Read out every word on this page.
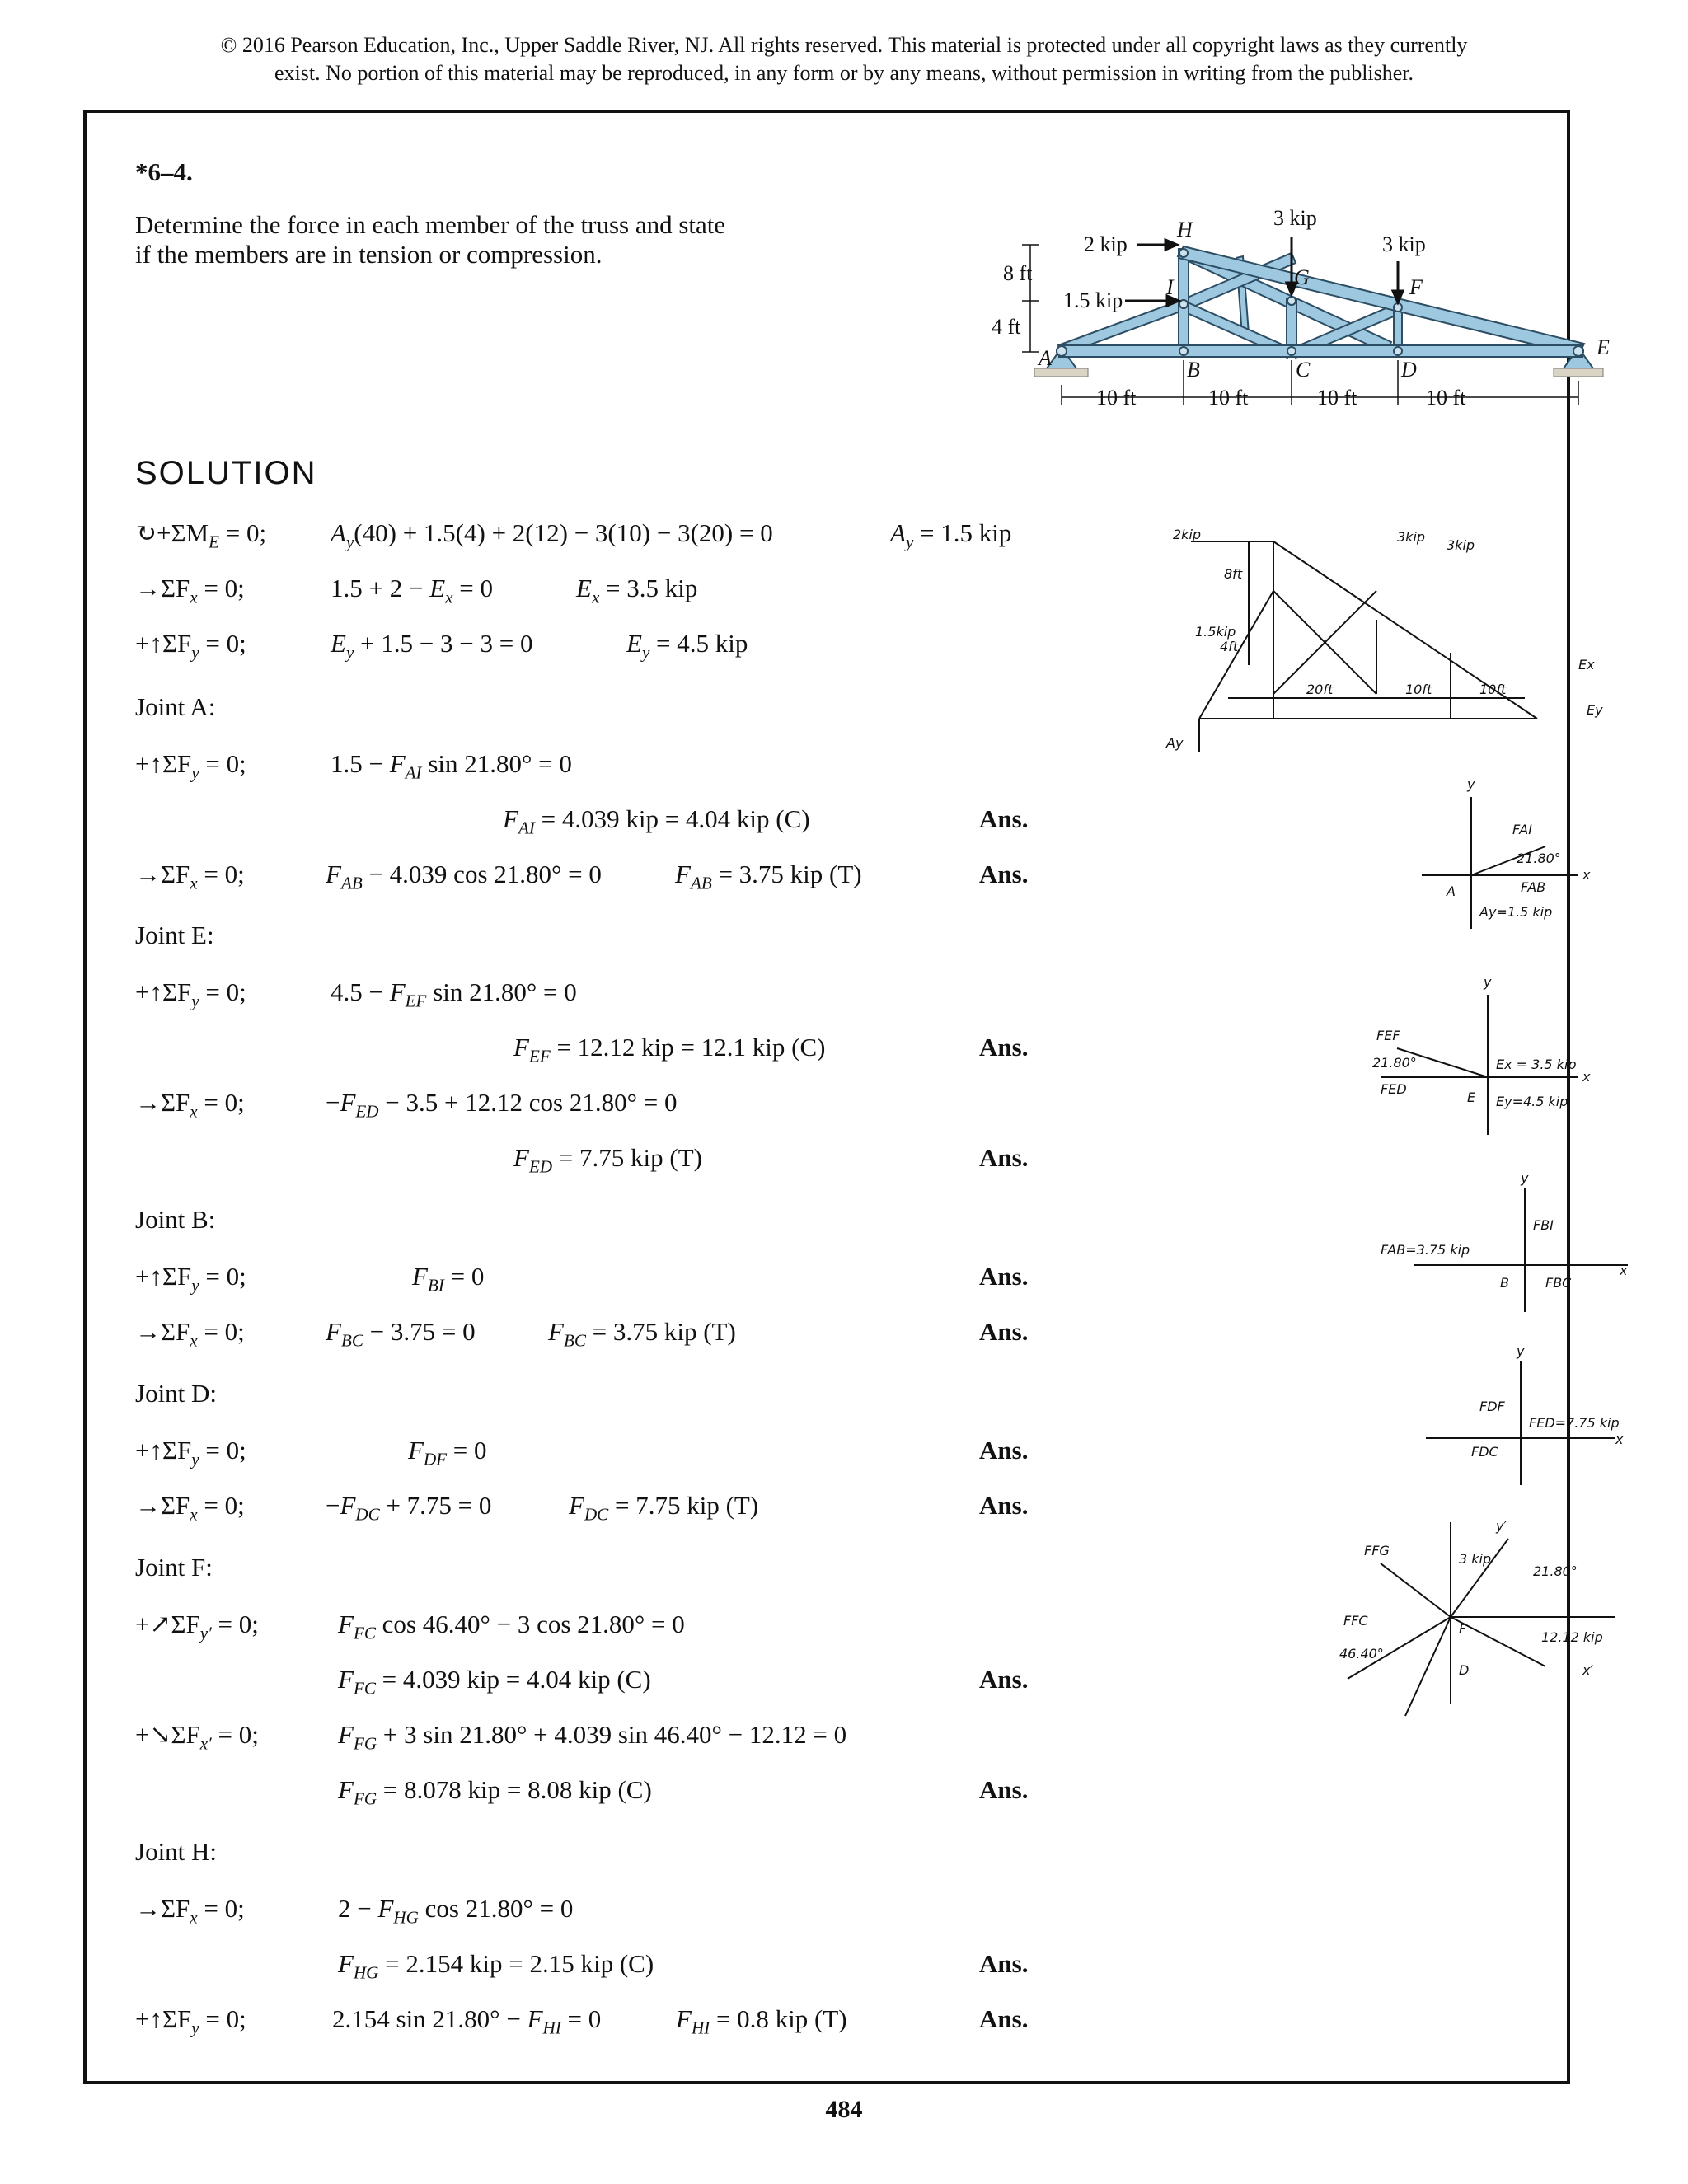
© 2016 Pearson Education, Inc., Upper Saddle River, NJ. All rights reserved. This material is protected under all copyright laws as they currently
exist. No portion of this material may be reproduced, in any form or by any means, without permission in writing from the publisher.
*6–4.
Determine the force in each member of the truss and state
if the members are in tension or compression.
3 kip
2 kip	3 kip
1.5 kip
8 ft
4 ft
10 ft	10 ft	10 ft	10 ft
A	B	C	D
E
F
G
H
I
SOLUTION
$↻+\Sigma M_E = 0$;	$A_y(40) + 1.5(4) + 2(12) - 3(10) - 3(20) = 0$	$A_y = 1.5$ kip
$\to\Sigma F_x = 0$;	$1.5 + 2 - E_x = 0$	$E_x = 3.5$ kip
$+↑\Sigma F_y = 0$;	$E_y + 1.5 - 3 - 3 = 0$	$E_y = 4.5$ kip
Joint A:
$+↑\Sigma F_y = 0$;	$1.5 - F_{AI}$ sin 21.80° = 0
$F_{AI} = 4.039$ kip = 4.04 kip (C)	Ans.
$\to\Sigma F_x = 0$;	$F_{AB} - 4.039$ cos 21.80° = 0	$F_{AB} = 3.75$ kip (T)	Ans.
Joint E:
$+↑\Sigma F_y = 0$;	$4.5 - F_{EF}$ sin 21.80° = 0
$F_{EF} = 12.12$ kip = 12.1 kip (C)	Ans.
$\to\Sigma F_x = 0$;	$-F_{ED} - 3.5 + 12.12$ cos 21.80° = 0
$F_{ED} = 7.75$ kip (T)	Ans.
Joint B:
$+↑\Sigma F_y = 0$;	$F_{BI} = 0$	Ans.
$\to\Sigma F_x = 0$;	$F_{BC} - 3.75 = 0$	$F_{BC} = 3.75$ kip (T)	Ans.
Joint D:
$+↑\Sigma F_y = 0$;	$F_{DF} = 0$	Ans.
$\to\Sigma F_x = 0$;	$-F_{DC} + 7.75 = 0$	$F_{DC} = 7.75$ kip (T)	Ans.
Joint F:
$+↗\Sigma F_{y'} = 0$;	$F_{FC}$ cos 46.40° − 3 cos 21.80° = 0
$F_{FC} = 4.039$ kip = 4.04 kip (C)	Ans.
$+↘\Sigma F_{x'} = 0$;	$F_{FG} + 3$ sin 21.80° + 4.039 sin 46.40° − 12.12 = 0
$F_{FG} = 8.078$ kip = 8.08 kip (C)	Ans.
Joint H:
$\to\Sigma F_x = 0$;	$2 - F_{HG}$ cos 21.80° = 0
$F_{HG} = 2.154$ kip = 2.15 kip (C)	Ans.
$+↑\Sigma F_y = 0$;	2.154 $\sin 21.80^\circ - F_{HI} = 0$	$F_{HI} = 0.8$ kip (T)	Ans.
2kip
8ft
1.5kip
4ft
3kip
3kip
20ft	10ft	10ft
Ex
Ey
Ay
y
FAI
21.80°
x
FAB
A
Ay=1.5 kip
y
FEF
21.80°	Ex = 3.5 kip
x
FED
E Ey=4.5 kip
y
FBI
FAB=3.75 kip
x
B	FBC
y
FDF
FED=7.75 kip
x
FDC
y′
FFG
3 kip
21.80°
FFC
F
12.12 kip
46.40°
D	x′
484
